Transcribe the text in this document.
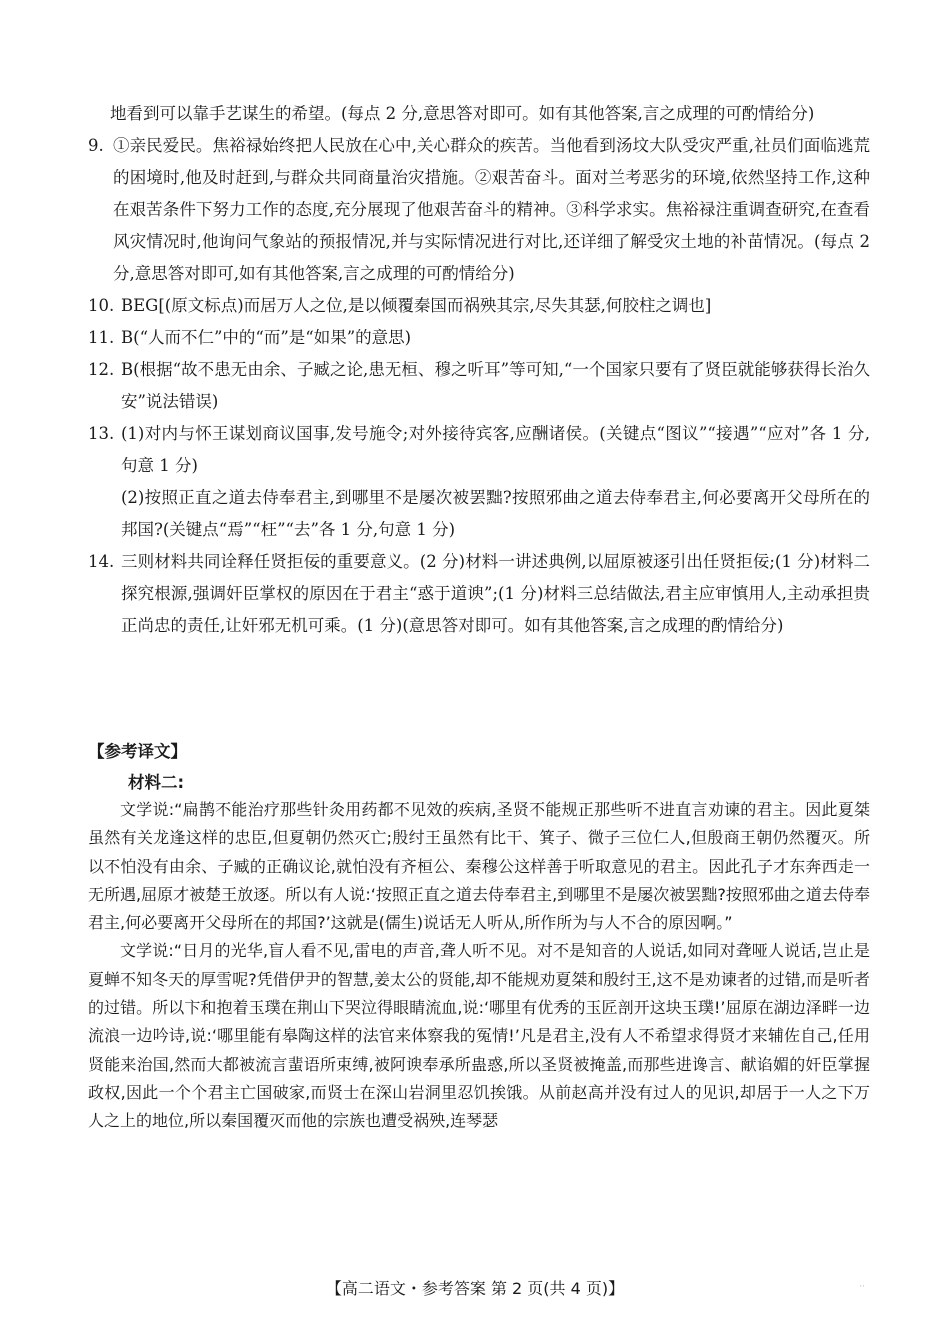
地看到可以靠手艺谋生的希望。(每点 2 分,意思答对即可。如有其他答案,言之成理的可酌情给分)
9. ①亲民爱民。焦裕禄始终把人民放在心中,关心群众的疾苦。当他看到汤坟大队受灾严重,社员们面临逃荒的困境时,他及时赶到,与群众共同商量治灾措施。②艰苦奋斗。面对兰考恶劣的环境,依然坚持工作,这种在艰苦条件下努力工作的态度,充分展现了他艰苦奋斗的精神。③科学求实。焦裕禄注重调查研究,在查看风灾情况时,他询问气象站的预报情况,并与实际情况进行对比,还详细了解受灾土地的补苗情况。(每点 2 分,意思答对即可,如有其他答案,言之成理的可酌情给分)
10. BEG[(原文标点)而居万人之位,是以倾覆秦国而祸殃其宗,尽失其瑟,何胶柱之调也]
11. B(“人而不仁”中的“而”是“如果”的意思)
12. B(根据“故不患无由余、子臧之论,患无桓、穆之听耳”等可知,“一个国家只要有了贤臣就能够获得长治久安”说法错误)
13. (1)对内与怀王谋划商议国事,发号施令;对外接待宾客,应酬诸侯。(关键点“图议”“接遇”“应对”各 1 分,句意 1 分)
(2)按照正直之道去侍奉君主,到哪里不是屡次被罢黜?按照邪曲之道去侍奉君主,何必要离开父母所在的邦国?(关键点“焉”“枉”“去”各 1 分,句意 1 分)
14. 三则材料共同诠释任贤拒佞的重要意义。(2 分)材料一讲述典例,以屈原被逐引出任贤拒佞;(1 分)材料二探究根源,强调奸臣掌权的原因在于君主“惑于道谀”;(1 分)材料三总结做法,君主应审慎用人,主动承担贵正尚忠的责任,让奸邪无机可乘。(1 分)(意思答对即可。如有其他答案,言之成理的酌情给分)
【参考译文】
材料二:

文学说:“扁鹊不能治疗那些针灸用药都不见效的疾病,圣贤不能规正那些听不进直言劝谏的君主。因此夏桀虽然有关龙逢这样的忠臣,但夏朝仍然灭亡;殷纣王虽然有比干、箕子、微子三位仁人,但殷商王朝仍然覆灭。所以不怕没有由余、子臧的正确议论,就怕没有齐桓公、秦穆公这样善于听取意见的君主。因此孔子才东奔西走一无所遇,屈原才被楚王放逐。所以有人说:‘按照正直之道去侍奉君主,到哪里不是屡次被罢黜?按照邪曲之道去侍奉君主,何必要离开父母所在的邦国?’这就是(儒生)说话无人听从,所作所为与人不合的原因啊。”

文学说:“日月的光华,盲人看不见,雷电的声音,聋人听不见。对不是知音的人说话,如同对聋哑人说话,岂止是夏蝉不知冬天的厚雪呢?凭借伊尹的智慧,姜太公的贤能,却不能规劝夏桀和殷纣王,这不是劝谏者的过错,而是听者的过错。所以卞和抱着玉璞在荆山下哭泣得眼睛流血,说:‘哪里有优秀的玉匠剖开这块玉璞!’屈原在湖边泽畔一边流浪一边吟诗,说:‘哪里能有皋陶这样的法官来体察我的冤情!’凡是君主,没有人不希望求得贤才来辅佐自己,任用贤能来治国,然而大都被流言蜚语所束缚,被阿谀奉承所蛊惑,所以圣贤被掩盖,而那些进谗言、献谄媚的奸臣掌握政权,因此一个个君主亡国破家,而贤士在深山岩洞里忍饥挨饿。从前赵高并没有过人的见识,却居于一人之下万人之上的地位,所以秦国覆灭而他的宗族也遭受祸殃,连琴瑟

【高二语文・参考答案 第 2 页(共 4 页)】	··
